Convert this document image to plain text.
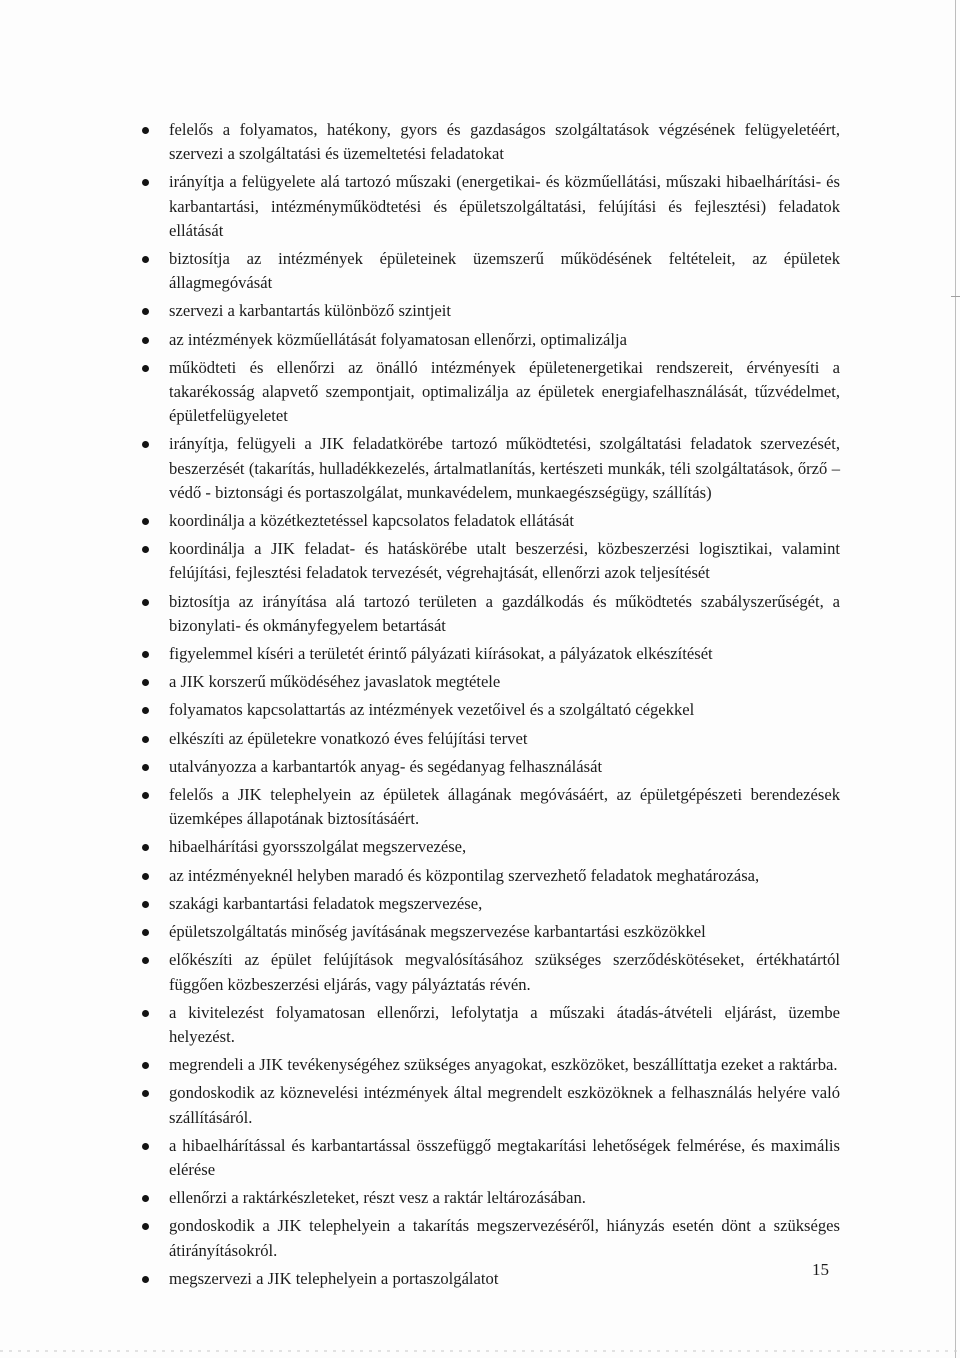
felelős a folyamatos, hatékony, gyors és gazdaságos szolgáltatások végzésének felügyeletéért, szervezi a szolgáltatási és üzemeltetési feladatokat
irányítja a felügyelete alá tartozó műszaki (energetikai- és közműellátási, műszaki hibaelhárítási- és karbantartási, intézményműködtetési és épületszolgáltatási, felújítási és fejlesztési) feladatok ellátását
biztosítja az intézmények épületeinek üzemszerű működésének feltételeit, az épületek állagmegóvását
szervezi a karbantartás különböző szintjeit
az intézmények közműellátását folyamatosan ellenőrzi, optimalizálja
működteti és ellenőrzi az önálló intézmények épületenergetikai rendszereit, érvényesíti a takarékosság alapvető szempontjait, optimalizálja az épületek energiafelhasználását, tűzvédelmet, épületfelügyeletet
irányítja, felügyeli a JIK feladatkörébe tartozó működtetési, szolgáltatási feladatok szervezését, beszerzését (takarítás, hulladékkezelés, ártalmatlanítás, kertészeti munkák, téli szolgáltatások, őrző – védő - biztonsági és portaszolgálat, munkavédelem, munkaegészségügy, szállítás)
koordinálja a közétkeztetéssel kapcsolatos feladatok ellátását
koordinálja a JIK feladat- és hatáskörébe utalt beszerzési, közbeszerzési logisztikai, valamint felújítási, fejlesztési feladatok tervezését, végrehajtását, ellenőrzi azok teljesítését
biztosítja az irányítása alá tartozó területen a gazdálkodás és működtetés szabályszerűségét, a bizonylati- és okmányfegyelem betartását
figyelemmel kíséri a területét érintő pályázati kiírásokat, a pályázatok elkészítését
a JIK korszerű működéséhez javaslatok megtétele
folyamatos kapcsolattartás az intézmények vezetőivel és a szolgáltató cégekkel
elkészíti az épületekre vonatkozó éves felújítási tervet
utalványozza a karbantartók anyag- és segédanyag felhasználását
felelős a JIK telephelyein az épületek állagának megóvásáért, az épületgépészeti berendezések üzemképes állapotának biztosításáért.
hibaelhárítási gyorsszolgálat megszervezése,
az intézményeknél helyben maradó és központilag szervezhető feladatok meghatározása,
szakági karbantartási feladatok megszervezése,
épületszolgáltatás minőség javításának megszervezése karbantartási eszközökkel
előkészíti az épület felújítások megvalósításához szükséges szerződéskötéseket, értékhatártól függően közbeszerzési eljárás, vagy pályáztatás révén.
a kivitelezést folyamatosan ellenőrzi, lefolytatja a műszaki átadás-átvételi eljárást, üzembe helyezést.
megrendeli a JIK tevékenységéhez szükséges anyagokat, eszközöket, beszállíttatja ezeket a raktárba.
gondoskodik az köznevelési intézmények által megrendelt eszközöknek a felhasználás helyére való szállításáról.
a hibaelhárítással és karbantartással összefüggő megtakarítási lehetőségek felmérése, és maximális elérése
ellenőrzi a raktárkészleteket, részt vesz a raktár leltározásában.
gondoskodik a JIK telephelyein a takarítás megszervezéséről, hiányzás esetén dönt a szükséges átirányításokról.
megszervezi a JIK telephelyein a portaszolgálatot	15
